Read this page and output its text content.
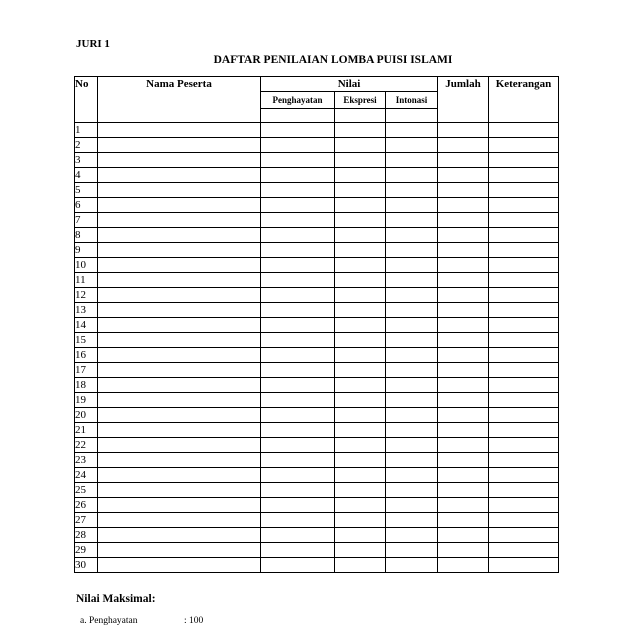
JURI 1
DAFTAR PENILAIAN LOMBA PUISI ISLAMI
No	Nama Peserta	Nilai			Jumlah	Keterangan
		Penghayatan	Ekspresi	Intonasi		

1						
2						
3						
4						
5						
6						
7						
8						
9						
10						
11						
12						
13						
14						
15						
16						
17						
18						
19						
20						
21						
22						
23						
24						
25						
26						
27						
28						
29						
30						
Nilai Maksimal:
a. Penghayatan	: 100
